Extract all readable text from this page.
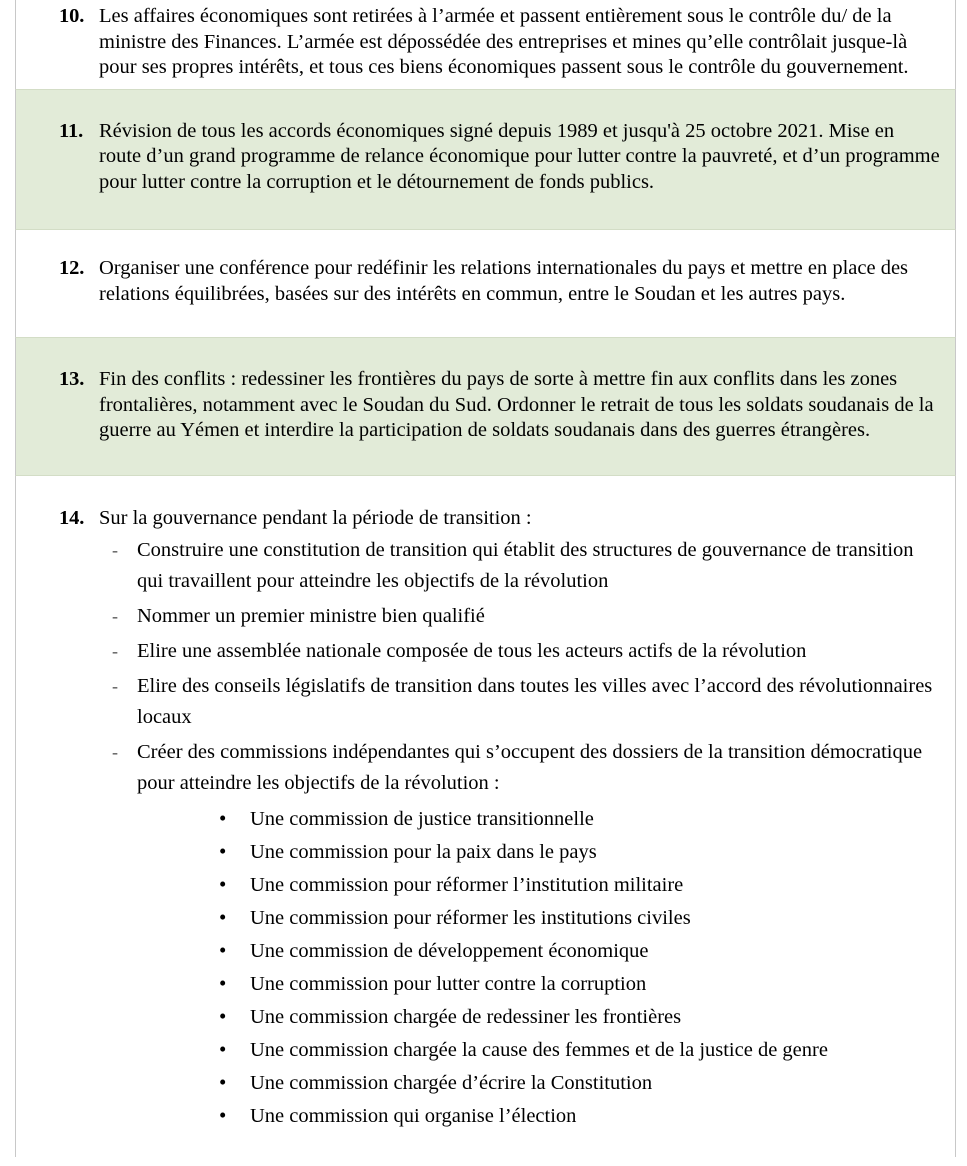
10. Les affaires économiques sont retirées à l’armée et passent entièrement sous le contrôle du/ de la ministre des Finances. L’armée est dépossédée des entreprises et mines qu’elle contrôlait jusque-là pour ses propres intérêts, et tous ces biens économiques passent sous le contrôle du gouvernement.

11. Révision de tous les accords économiques signé depuis 1989 et jusqu'à 25 octobre 2021. Mise en route d’un grand programme de relance économique pour lutter contre la pauvreté, et d’un programme pour lutter contre la corruption et le détournement de fonds publics.

12. Organiser une conférence pour redéfinir les relations internationales du pays et mettre en place des relations équilibrées, basées sur des intérêts en commun, entre le Soudan et les autres pays.

13. Fin des conflits : redessiner les frontières du pays de sorte à mettre fin aux conflits dans les zones frontalières, notamment avec le Soudan du Sud. Ordonner le retrait de tous les soldats soudanais de la guerre au Yémen et interdire la participation de soldats soudanais dans des guerres étrangères.

14. Sur la gouvernance pendant la période de transition :

- Construire une constitution de transition qui établit des structures de gouvernance de transition qui travaillent pour atteindre les objectifs de la révolution
- Nommer un premier ministre bien qualifié
- Elire une assemblée nationale composée de tous les acteurs actifs de la révolution
- Elire des conseils législatifs de transition dans toutes les villes avec l’accord des révolutionnaires locaux
- Créer des commissions indépendantes qui s’occupent des dossiers de la transition démocratique pour atteindre les objectifs de la révolution :
• Une commission de justice transitionnelle
• Une commission pour la paix dans le pays
• Une commission pour réformer l’institution militaire
• Une commission pour réformer les institutions civiles
• Une commission de développement économique
• Une commission pour lutter contre la corruption
• Une commission chargée de redessiner les frontières
• Une commission chargée la cause des femmes et de la justice de genre
• Une commission chargée d’écrire la Constitution
• Une commission qui organise l’élection
